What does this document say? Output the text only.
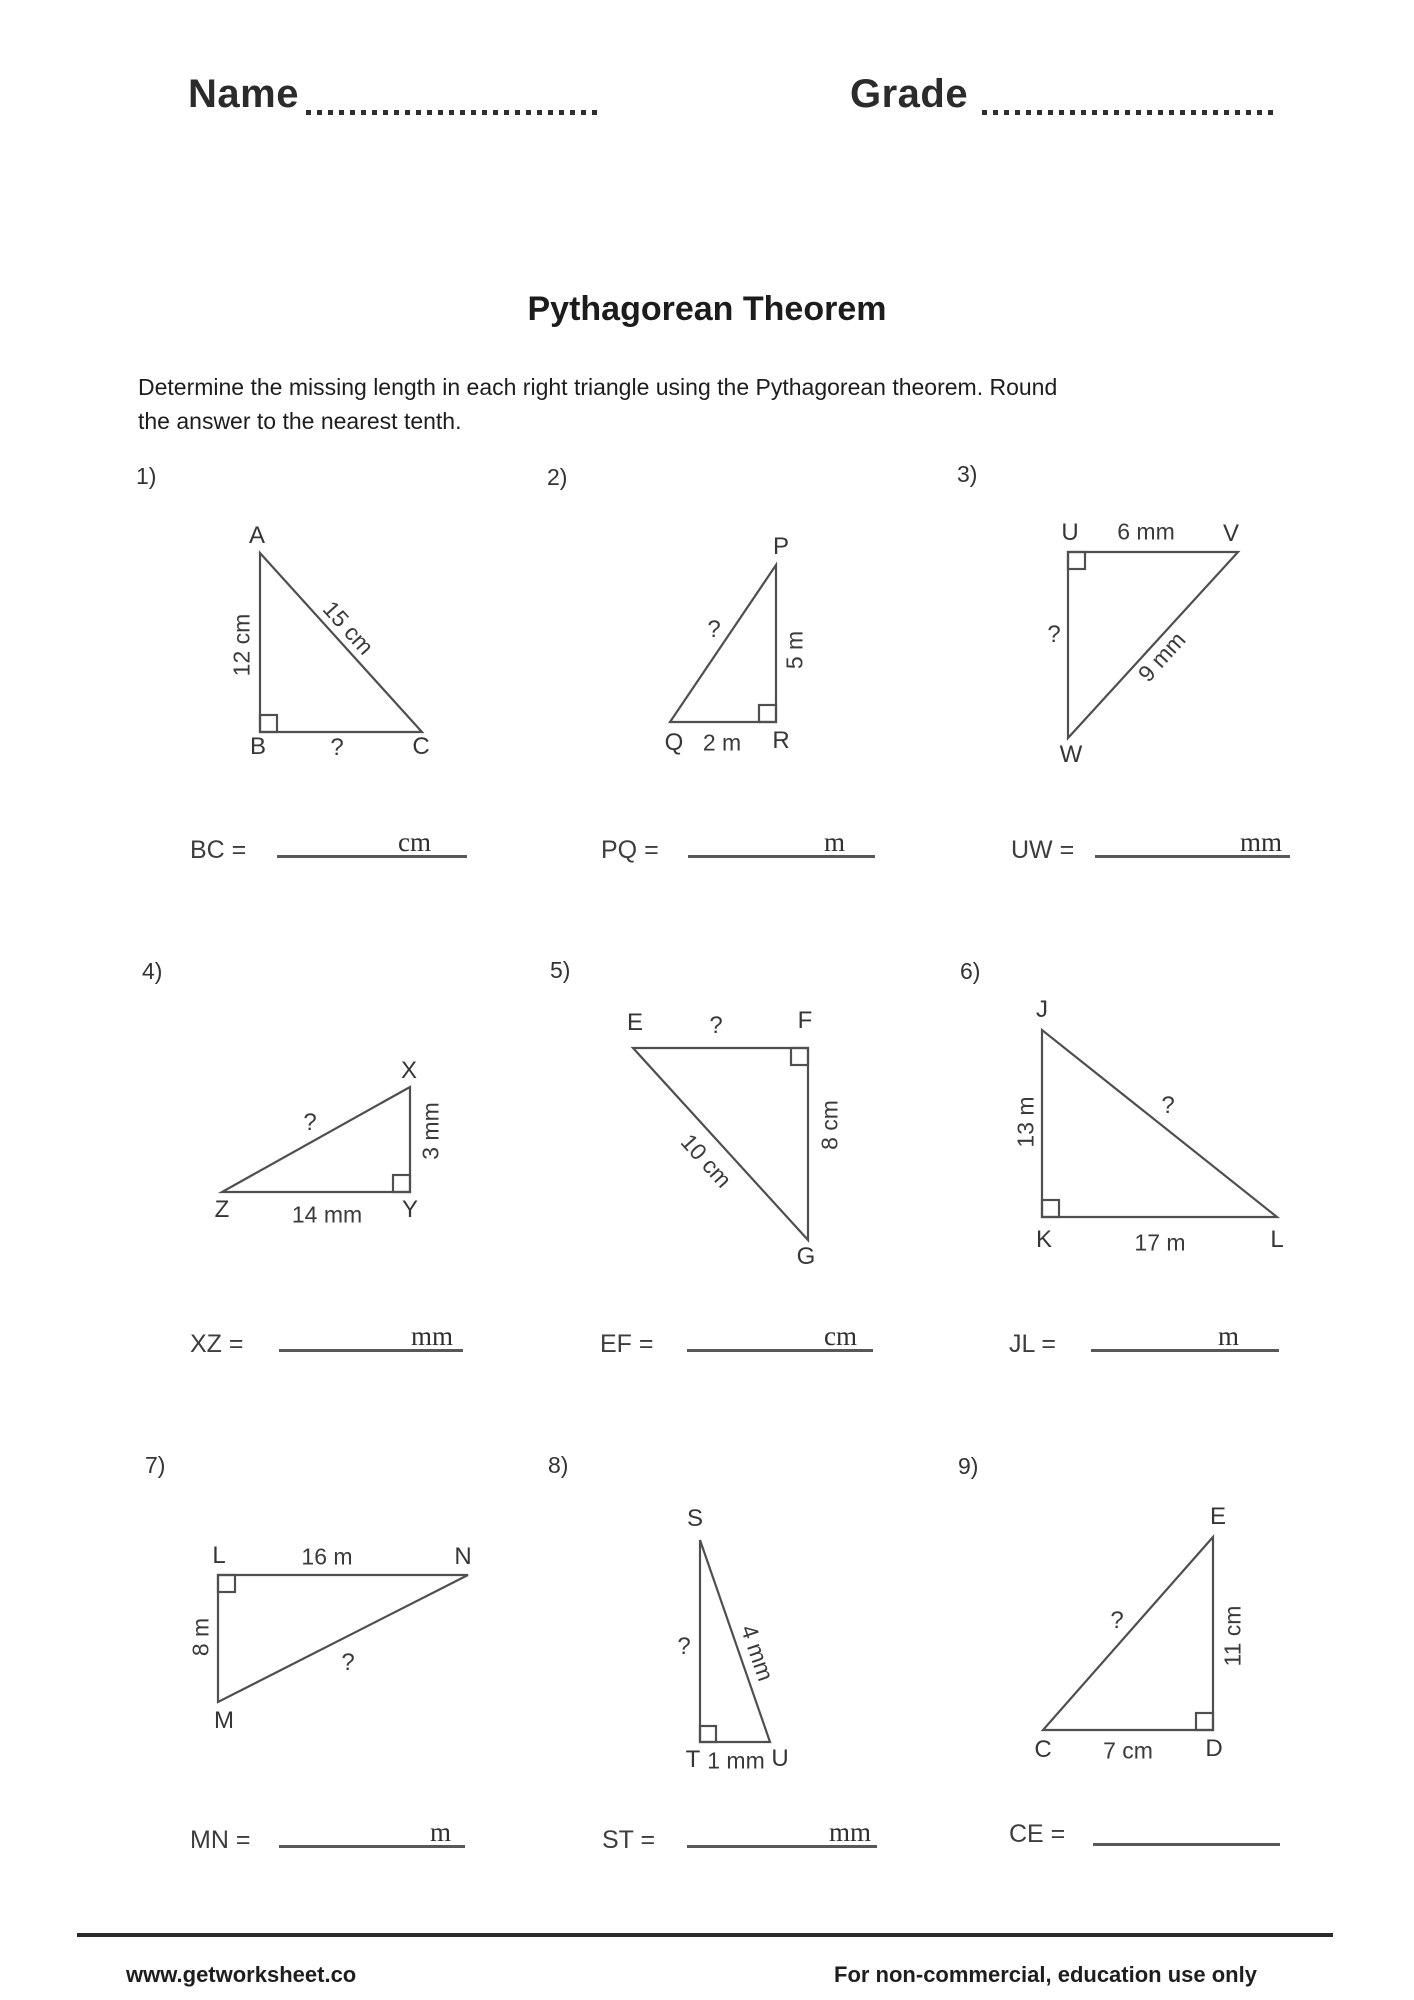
Name	Grade
Pythagorean Theorem
Determine the missing length in each right triangle using the Pythagorean theorem. Round
the answer to the nearest tenth.
1)	2)	3)
4)	5)	6)
7)	8)	9)
A
B	C
12 cm	15 cm
?
P
Q	R
?
5 m
2 m
U	V
W
6 mm
?	9 mm
X
Y
Z
?	3 mm
14 mm
E	F
G
?
8 cm
10 cm
J
K	L
13 m	?
17 m
L	N
M
16 m
8 m
?
S
T	U
? 4 mm
1 mm
E
C	D
?	11 cm
7 cm
BC =	cm	PQ =	m	UW =	mm
XZ =	mm	EF =	cm	JL =	m
MN =	m	ST =	mm	CE =
www.getworksheet.co	For non-commercial, education use only
